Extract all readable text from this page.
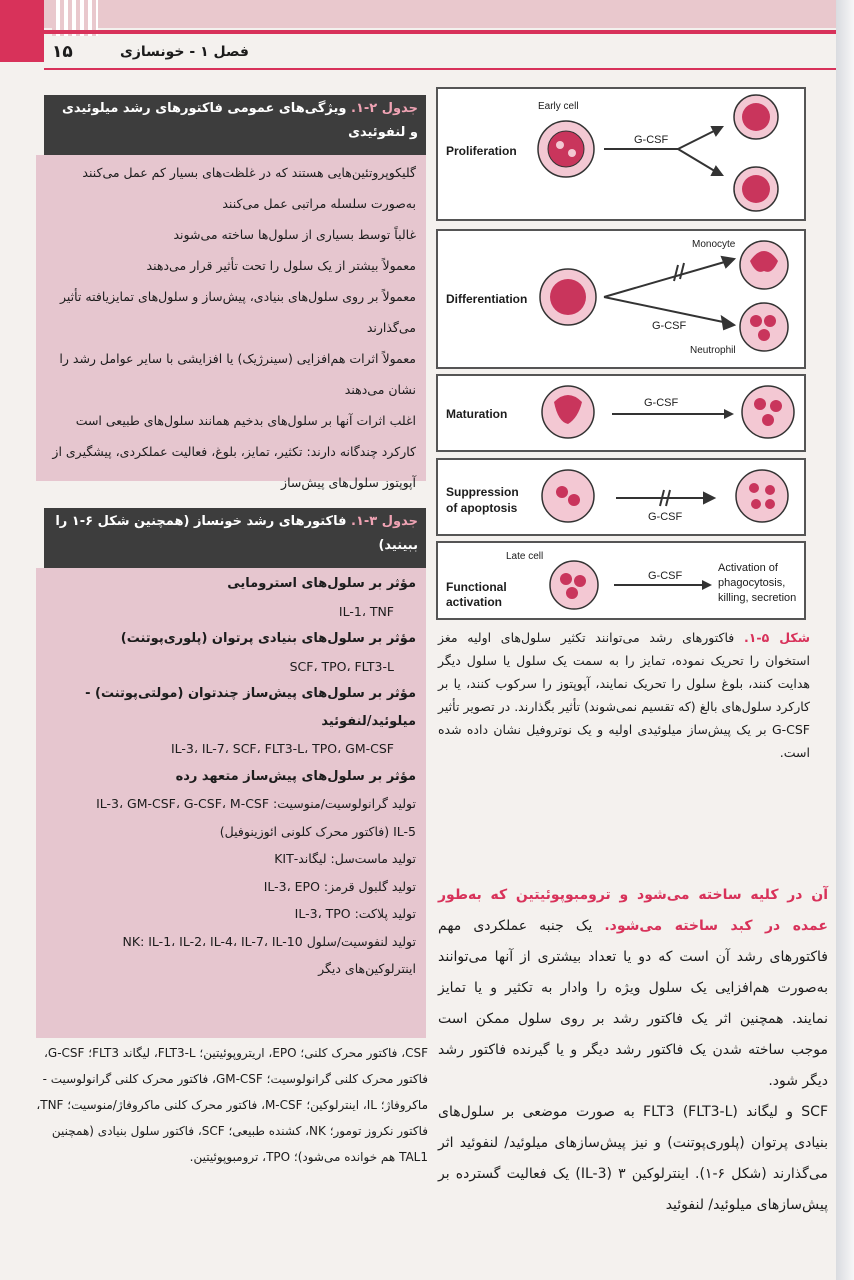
۱۵	فصل ۱ - خونسازی
جدول ۲-۱. ویژگی‌های عمومی فاکتورهای رشد میلوئیدی و لنفوئیدی

گلیکوپروتئین‌هایی هستند که در غلظت‌های بسیار کم عمل می‌کنند

به‌صورت سلسله مراتبی عمل می‌کنند

غالباً توسط بسیاری از سلول‌ها ساخته می‌شوند

معمولاً بیشتر از یک سلول را تحت تأثیر قرار می‌دهند

معمولاً بر روی سلول‌های بنیادی، پیش‌ساز و سلول‌های تمایزیافته تأثیر می‌گذارند

معمولاً اثرات هم‌افزایی (سینرژیک) یا افزایشی با سایر عوامل رشد را نشان می‌دهند

اغلب اثرات آنها بر سلول‌های بدخیم همانند سلول‌های طبیعی است

کارکرد چندگانه دارند: تکثیر، تمایز، بلوغ، فعالیت عملکردی، پیشگیری از آپوپتوز سلول‌های پیش‌ساز

جدول ۳-۱. فاکتورهای رشد خونساز (همچنین شکل ۶-۱ را ببینید)

مؤثر بر سلول‌های استرومایی

IL-1، TNF

مؤثر بر سلول‌های بنیادی پرتوان (پلوری‌پوتنت)

SCF، TPO، FLT3-L

مؤثر بر سلول‌های پیش‌ساز چندتوان (مولتی‌پوتنت) - میلوئید/لنفوئید

IL-3، IL-7، SCF، FLT3-L، TPO، GM-CSF

مؤثر بر سلول‌های پیش‌ساز متعهد رده

تولید گرانولوسیت/منوسیت: IL-3، GM-CSF، G-CSF، M-CSF

IL-5 (فاکتور محرک کلونی ائوزینوفیل)

تولید ماست‌سل: لیگاند-KIT

تولید گلبول قرمز: IL-3، EPO

تولید پلاکت: IL-3، TPO

تولید لنفوسیت/سلول NK: IL-1، IL-2، IL-4، IL-7، IL-10

اینترلوکین‌های دیگر

CSF، فاکتور محرک کلنی؛ EPO، اریتروپوئیتین؛ FLT3-L، لیگاند FLT3؛ G-CSF، فاکتور محرک کلنی گرانولوسیت؛ GM-CSF، فاکتور محرک کلنی گرانولوسیت - ماکروفاژ؛ IL، اینترلوکین؛ M-CSF، فاکتور محرک کلنی ماکروفاژ/منوسیت؛ TNF، فاکتور نکروز تومور؛ NK، کشنده طبیعی؛ SCF، فاکتور سلول بنیادی (همچنین TAL1 هم خوانده می‌شود)؛ TPO، ترومبوپوئیتین.
Proliferation
Early cell
G-CSF
Differentiation
G-CSF
Monocyte
Neutrophil
Maturation
G-CSF
Suppression
of apoptosis
G-CSF
Late cell
Functional
activation
G-CSF
Activation of
phagocytosis,
killing, secretion
شکل ۵-۱. فاکتورهای رشد می‌توانند تکثیر سلول‌های اولیه مغز استخوان را تحریک نموده، تمایز را به سمت یک سلول یا سلول دیگر هدایت کنند، بلوغ سلول را تحریک نمایند، آپوپتوز را سرکوب کنند، یا بر کارکرد سلول‌های بالغ (که تقسیم نمی‌شوند) تأثیر بگذارند. در تصویر تأثیر G-CSF بر یک پیش‌ساز میلوئیدی اولیه و یک نوتروفیل نشان داده شده است.
آن در کلیه ساخته می‌شود و ترومبوپوئیتین که به‌طور عمده در کبد ساخته می‌شود. یک جنبه عملکردی مهم فاکتورهای رشد آن است که دو یا تعداد بیشتری از آنها می‌توانند به‌صورت هم‌افزایی یک سلول ویژه را وادار به تکثیر و یا تمایز نمایند. همچنین اثر یک فاکتور رشد بر روی سلول ممکن است موجب ساخته شدن یک فاکتور رشد دیگر و یا گیرنده فاکتور رشد دیگر شود.
SCF و لیگاند FLT3 (FLT3-L) به صورت موضعی بر سلول‌های بنیادی پرتوان (پلوری‌پوتنت) و نیز پیش‌سازهای میلوئید/ لنفوئید اثر می‌گذارند (شکل ۶-۱). اینترلوکین ۳ (IL-3) یک فعالیت گسترده بر پیش‌سازهای میلوئید/ لنفوئید
